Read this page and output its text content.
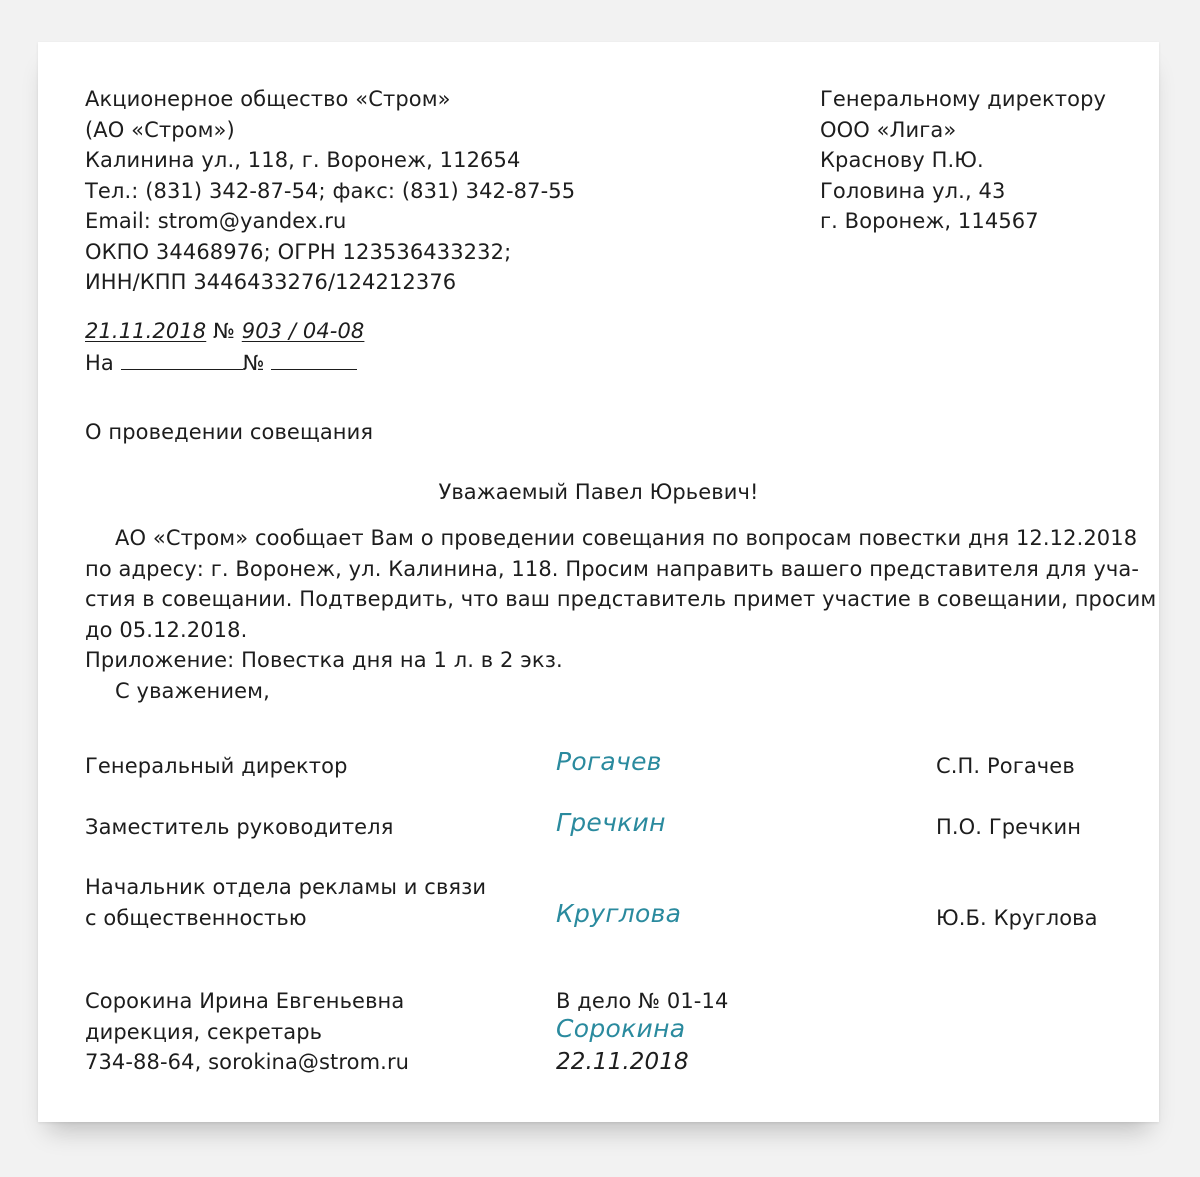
Акционерное общество «Стром»
(АО «Стром»)
Калинина ул., 118, г. Воронеж, 112654
Тел.: (831) 342-87-54; факс: (831) 342-87-55
Email: strom@yandex.ru
ОКПО 34468976; ОГРН 123536433232;
ИНН/КПП 3446433276/124212376
Генеральному директору
ООО «Лига»
Краснову П.Ю.
Головина ул., 43
г. Воронеж, 114567
21.11.2018 № 903 / 04-08
На	№
О проведении совещания
Уважаемый Павел Юрьевич!
АО «Стром» сообщает Вам о проведении совещания по вопросам повестки дня 12.12.2018
по адресу: г. Воронеж, ул. Калинина, 118. Просим направить вашего представителя для уча-
стия в совещании. Подтвердить, что ваш представитель примет участие в совещании, просим
до 05.12.2018.
Приложение: Повестка дня на 1 л. в 2 экз.
С уважением,
Генеральный директор	Рогачев	С.П. Рогачев
Заместитель руководителя	Гречкин	П.О. Гречкин
Начальник отдела рекламы и связи
с общественностью	Круглова	Ю.Б. Круглова
Сорокина Ирина Евгеньевна
дирекция, секретарь
734-88-64, sorokina@strom.ru
В дело № 01-14
Сорокина
22.11.2018
